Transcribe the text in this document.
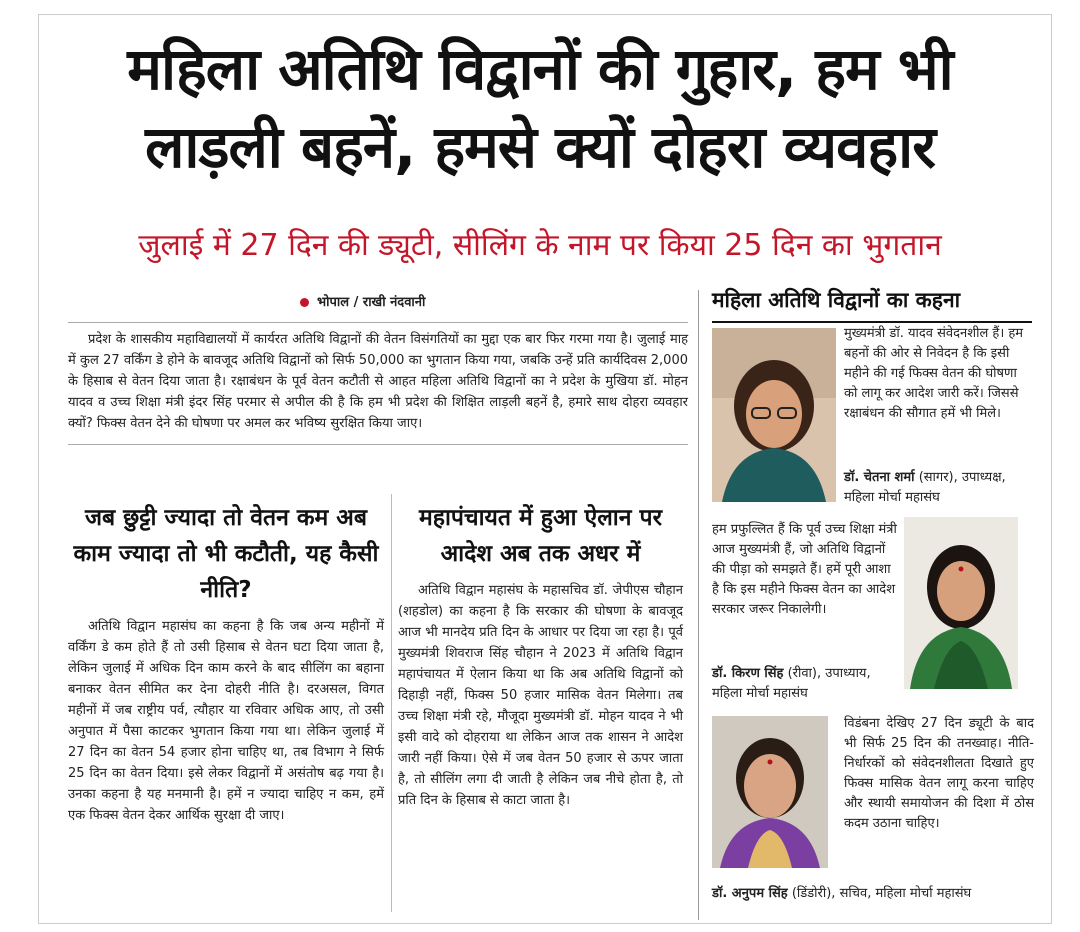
महिला अतिथि विद्वानों की गुहार, हम भी
लाड़ली बहनें, हमसे क्यों दोहरा व्यवहार
जुलाई में 27 दिन की ड्यूटी, सीलिंग के नाम पर किया 25 दिन का भुगतान
भोपाल / राखी नंदवानी

प्रदेश के शासकीय महाविद्यालयों में कार्यरत अतिथि विद्वानों की वेतन विसंगतियों का मुद्दा एक बार फिर गरमा गया है। जुलाई माह में कुल 27 वर्किंग डे होने के बावजूद अतिथि विद्वानों को सिर्फ 50,000 का भुगतान किया गया, जबकि उन्हें प्रति कार्यदिवस 2,000 के हिसाब से वेतन दिया जाता है। रक्षाबंधन के पूर्व वेतन कटौती से आहत महिला अतिथि विद्वानों का ने प्रदेश के मुखिया डॉ. मोहन यादव व उच्च शिक्षा मंत्री इंदर सिंह परमार से अपील की है कि हम भी प्रदेश की शिक्षित लाड़ली बहनें है, हमारे साथ दोहरा व्यवहार क्यों? फिक्स वेतन देने की घोषणा पर अमल कर भविष्य सुरक्षित किया जाए।

जब छुट्टी ज्यादा तो वेतन कम अब काम ज्यादा तो भी कटौती, यह कैसी नीति?

अतिथि विद्वान महासंघ का कहना है कि जब अन्य महीनों में वर्किंग डे कम होते हैं तो उसी हिसाब से वेतन घटा दिया जाता है, लेकिन जुलाई में अधिक दिन काम करने के बाद सीलिंग का बहाना बनाकर वेतन सीमित कर देना दोहरी नीति है। दरअसल, विगत महीनों में जब राष्ट्रीय पर्व, त्यौहार या रविवार अधिक आए, तो उसी अनुपात में पैसा काटकर भुगतान किया गया था। लेकिन जुलाई में 27 दिन का वेतन 54 हजार होना चाहिए था, तब विभाग ने सिर्फ 25 दिन का वेतन दिया। इसे लेकर विद्वानों में असंतोष बढ़ गया है। उनका कहना है यह मनमानी है। हमें न ज्यादा चाहिए न कम, हमें एक फिक्स वेतन देकर आर्थिक सुरक्षा दी जाए।

महापंचायत में हुआ ऐलान पर आदेश अब तक अधर में

अतिथि विद्वान महासंघ के महासचिव डॉ. जेपीएस चौहान (शहडोल) का कहना है कि सरकार की घोषणा के बावजूद आज भी मानदेय प्रति दिन के आधार पर दिया जा रहा है। पूर्व मुख्यमंत्री शिवराज सिंह चौहान ने 2023 में अतिथि विद्वान महापंचायत में ऐलान किया था कि अब अतिथि विद्वानों को दिहाड़ी नहीं, फिक्स 50 हजार मासिक वेतन मिलेगा। तब उच्च शिक्षा मंत्री रहे, मौजूदा मुख्यमंत्री डॉ. मोहन यादव ने भी इसी वादे को दोहराया था लेकिन आज तक शासन ने आदेश जारी नहीं किया। ऐसे में जब वेतन 50 हजार से ऊपर जाता है, तो सीलिंग लगा दी जाती है लेकिन जब नीचे होता है, तो प्रति दिन के हिसाब से काटा जाता है।

महिला अतिथि विद्वानों का कहना
मुख्यमंत्री डॉ. यादव संवेदनशील हैं। हम बहनों की ओर से निवेदन है कि इसी महीने की गई फिक्स वेतन की घोषणा को लागू कर आदेश जारी करें। जिससे रक्षाबंधन की सौगात हमें भी मिले।
डॉ. चेतना शर्मा (सागर), उपाध्यक्ष, महिला मोर्चा महासंघ
हम प्रफुल्लित हैं कि पूर्व उच्च शिक्षा मंत्री आज मुख्यमंत्री हैं, जो अतिथि विद्वानों की पीड़ा को समझते हैं। हमें पूरी आशा है कि इस महीने फिक्स वेतन का आदेश सरकार जरूर निकालेगी।
डॉ. किरण सिंह (रीवा), उपाध्याय, महिला मोर्चा महासंघ
विडंबना देखिए 27 दिन ड्यूटी के बाद भी सिर्फ 25 दिन की तनख्वाह। नीति-निर्धारकों को संवेदनशीलता दिखाते हुए फिक्स मासिक वेतन लागू करना चाहिए और स्थायी समायोजन की दिशा में ठोस कदम उठाना चाहिए।
डॉ. अनुपम सिंह (डिंडोरी), सचिव, महिला मोर्चा महासंघ
